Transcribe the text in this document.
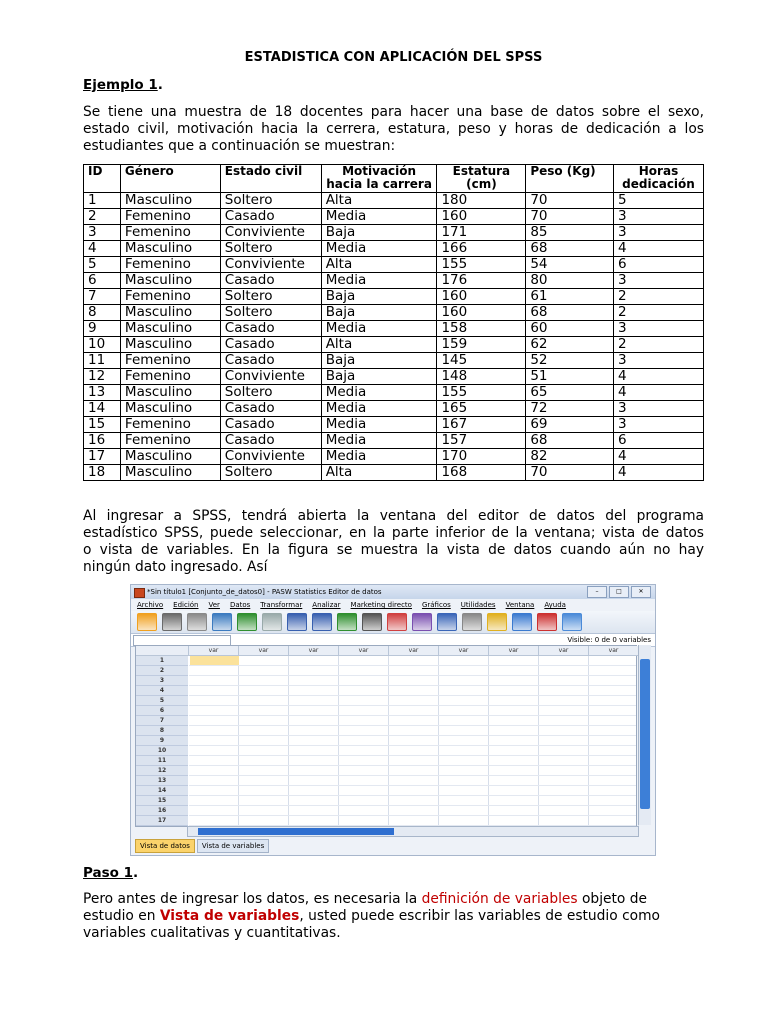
ESTADISTICA CON APLICACIÓN DEL SPSS
Ejemplo 1.
Se tiene una muestra de 18 docentes para hacer una base de datos sobre el sexo,
estado civil, motivación hacia la cerrera, estatura, peso y horas de dedicación a los
estudiantes que a continuación se muestran:
ID	Género	Estado civil	Motivación hacia la carrera	Estatura (cm)	Peso (Kg)	Horas dedicación
1	Masculino	Soltero	Alta	180	70	5
2	Femenino	Casado	Media	160	70	3
3	Femenino	Conviviente	Baja	171	85	3
4	Masculino	Soltero	Media	166	68	4
5	Femenino	Conviviente	Alta	155	54	6
6	Masculino	Casado	Media	176	80	3
7	Femenino	Soltero	Baja	160	61	2
8	Masculino	Soltero	Baja	160	68	2
9	Masculino	Casado	Media	158	60	3
10	Masculino	Casado	Alta	159	62	2
11	Femenino	Casado	Baja	145	52	3
12	Femenino	Conviviente	Baja	148	51	4
13	Masculino	Soltero	Media	155	65	4
14	Masculino	Casado	Media	165	72	3
15	Femenino	Casado	Media	167	69	3
16	Femenino	Casado	Media	157	68	6
17	Masculino	Conviviente	Media	170	82	4
18	Masculino	Soltero	Alta	168	70	4
Al ingresar a SPSS, tendrá abierta la ventana del editor de datos del programa
estadístico SPSS, puede seleccionar, en la parte inferior de la ventana; vista de datos
o vista de variables. En la figura se muestra la vista de datos cuando aún no hay
ningún dato ingresado. Así
*Sin título1 [Conjunto_de_datos0] - PASW Statistics Editor de datos	–	□	✕
Archivo Edición Ver Datos Transformar Analizar Marketing directo Gráficos Utilidades Ventana Ayuda
Visible: 0 de 0 variables
var	var	var	var	var	var	var	var	var
1
2
3
4
5
6
7
8
9
10
11
12
13
14
15
16
17
Vista de datos	Vista de variables
Paso 1.
Pero antes de ingresar los datos, es necesaria la definición de variables objeto de
estudio en Vista de variables, usted puede escribir las variables de estudio como
variables cualitativas y cuantitativas.
